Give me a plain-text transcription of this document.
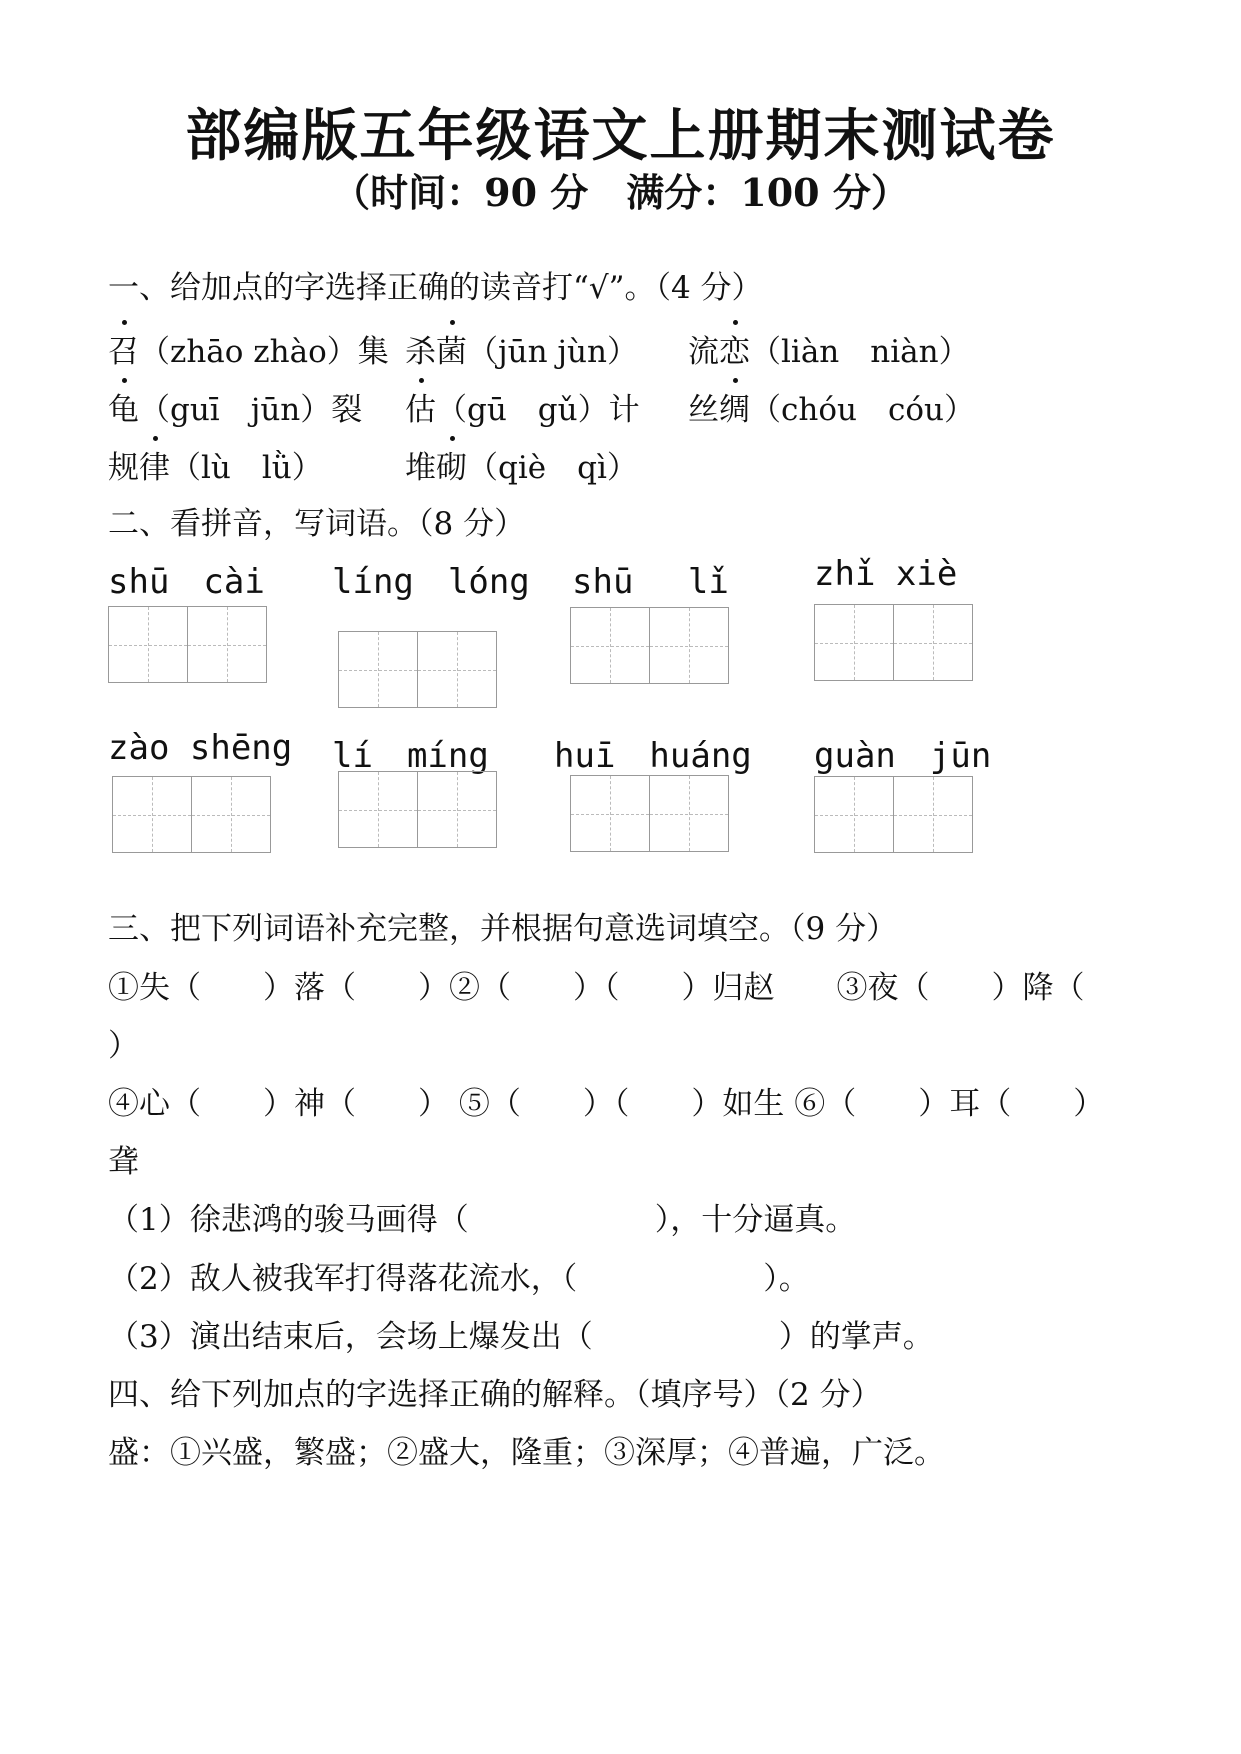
部编版五年级语文上册期末测试卷
（时间：90 分　满分：100 分）
一、给加点的字选择正确的读音打“√”。（4 分）
召（zhāo zhào）集 杀菌（jūn jùn） 流恋（liàn　niàn）
龟（guī　jūn）裂 估（gū　gǔ）计 丝绸（chóu　cóu）
规律（lù　lǜ）	堆砌（qiè　qì）
二、看拼音，写词语。（8 分）
shū　cài líng　lóng shū　 lǐ	zhǐ xiè
zào shēng lí　míng huī　huáng guàn　jūn
三、把下列词语补充完整，并根据句意选词填空。（9 分）
①失（　　）落（　　）②（　　）（　　）归赵　　③夜（　　）降（
）
④心（　　）神（　　） ⑤（　　）（　　）如生 ⑥（　　）耳（　　）
聋
（1）徐悲鸿的骏马画得（　　　　　　），十分逼真。
（2）敌人被我军打得落花流水，（　　　　　　）。
（3）演出结束后，会场上爆发出（　　　　　　）的掌声。
四、给下列加点的字选择正确的解释。（填序号）（2 分）
盛：①兴盛，繁盛；②盛大，隆重；③深厚；④普遍，广泛。
